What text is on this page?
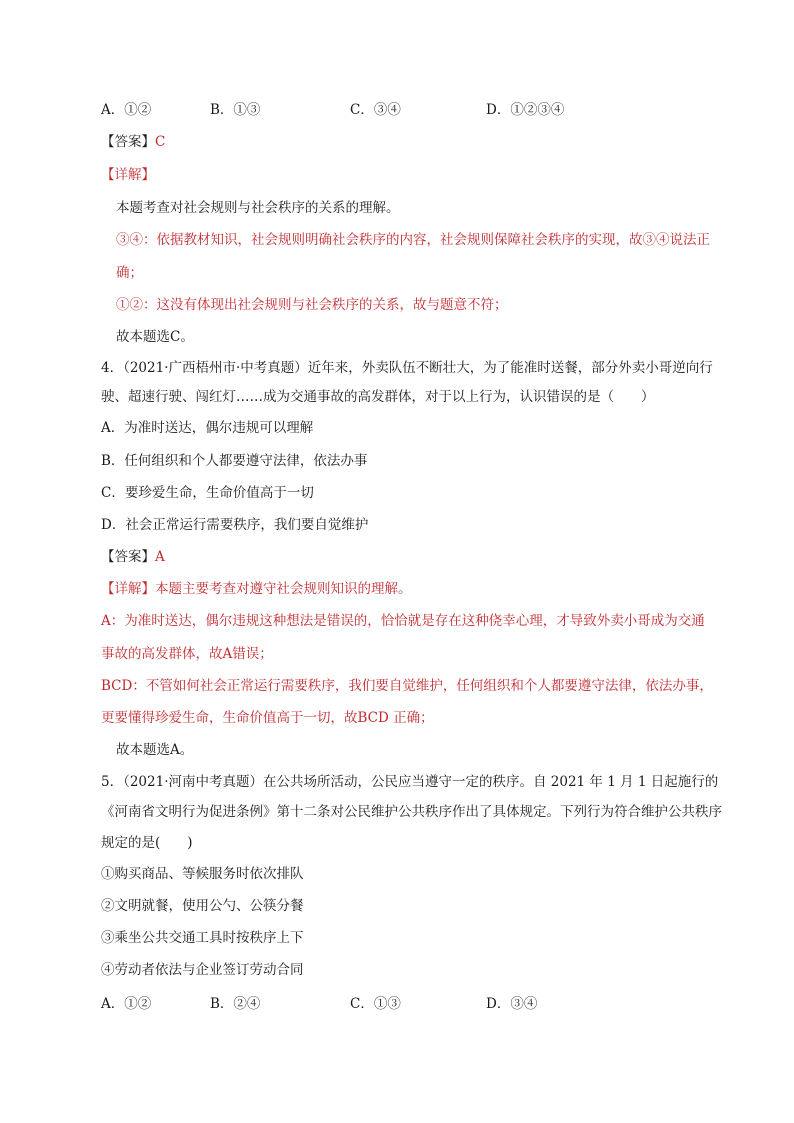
A．①②	B．①③	C．③④	D．①②③④
【答案】C
【详解】
本题考查对社会规则与社会秩序的关系的理解。
③④：依据教材知识，社会规则明确社会秩序的内容，社会规则保障社会秩序的实现，故③④说法正
确；
①②：这没有体现出社会规则与社会秩序的关系，故与题意不符；
故本题选C。
4．（2021·广西梧州市·中考真题）近年来，外卖队伍不断壮大，为了能准时送餐，部分外卖小哥逆向行
驶、超速行驶、闯红灯……成为交通事故的高发群体，对于以上行为，认识错误的是（　　）
A．为准时送达，偶尔违规可以理解
B．任何组织和个人都要遵守法律，依法办事
C．要珍爱生命，生命价值高于一切
D．社会正常运行需要秩序，我们要自觉维护
【答案】A
【详解】本题主要考查对遵守社会规则知识的理解。
A：为准时送达，偶尔违规这种想法是错误的，恰恰就是存在这种侥幸心理，才导致外卖小哥成为交通
事故的高发群体，故A错误；
BCD：不管如何社会正常运行需要秩序，我们要自觉维护，任何组织和个人都要遵守法律，依法办事，
更要懂得珍爱生命，生命价值高于一切，故BCD 正确；
故本题选A。
5．（2021·河南中考真题）在公共场所活动，公民应当遵守一定的秩序。自 2021 年 1 月 1 日起施行的
《河南省文明行为促进条例》第十二条对公民维护公共秩序作出了具体规定。下列行为符合维护公共秩序
规定的是(　　)
①购买商品、等候服务时依次排队
②文明就餐，使用公勺、公筷分餐
③乘坐公共交通工具时按秩序上下
④劳动者依法与企业签订劳动合同
A．①②	B．②④	C．①③	D．③④
